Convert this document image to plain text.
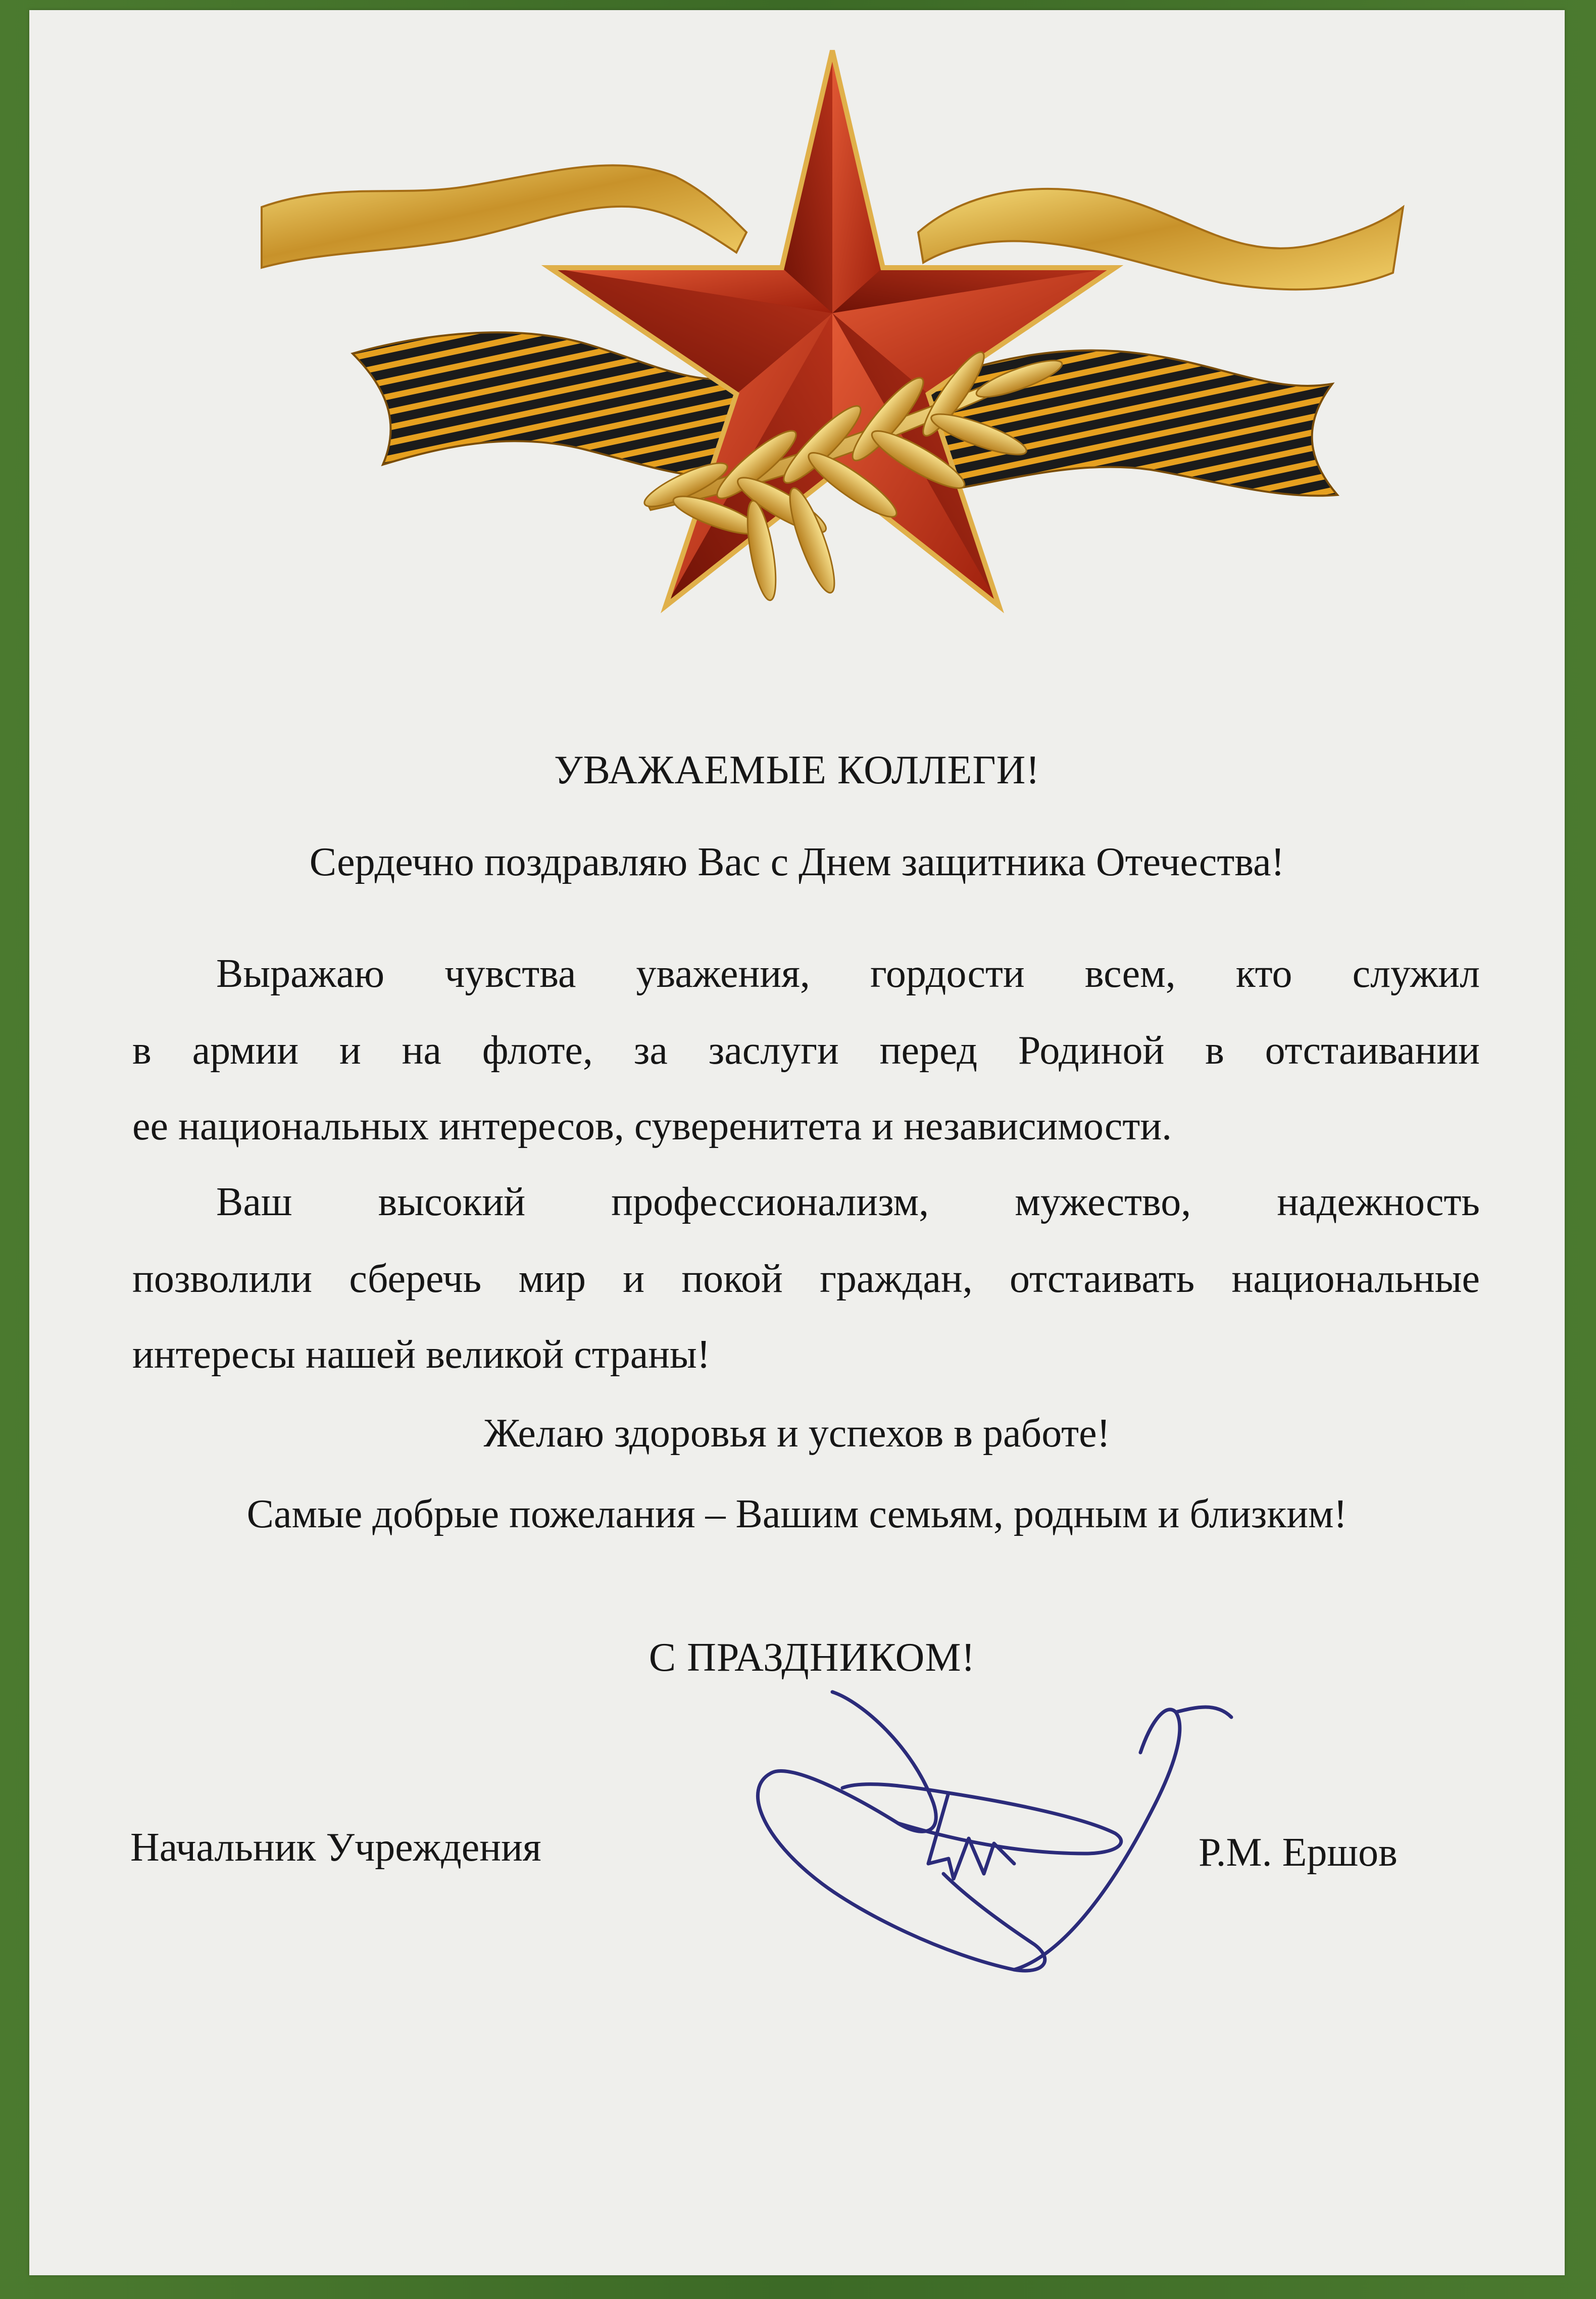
УВАЖАЕМЫЕ КОЛЛЕГИ!
Сердечно поздравляю Вас с Днем защитника Отечества!
Выражаю чувства уважения, гордости всем, кто служил
в армии и на флоте, за заслуги перед Родиной в отстаивании
ее национальных интересов, суверенитета и независимости.
Ваш высокий профессионализм, мужество, надежность
позволили сберечь мир и покой граждан, отстаивать национальные
интересы нашей великой страны!
Желаю здоровья и успехов в работе!
Самые добрые пожелания – Вашим семьям, родным и близким!
С ПРАЗДНИКОМ!
Начальник Учреждения	Р.М. Ершов
